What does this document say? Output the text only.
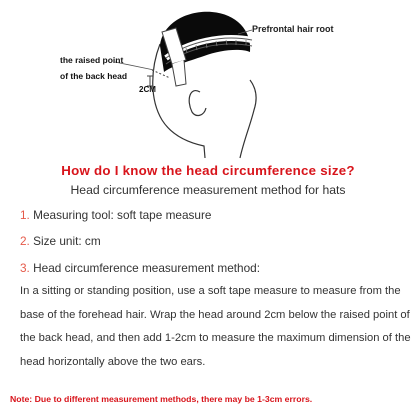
Prefrontal hair root
the raised point
of the back head
2CM
How do I know the head circumference size?
Head circumference measurement method for hats
1. Measuring tool: soft tape measure
2. Size unit: cm
3. Head circumference measurement method:
In a sitting or standing position, use a soft tape measure to measure from the base of the forehead hair. Wrap the head around 2cm below the raised point of the back head, and then add 1-2cm to measure the maximum dimension of the head horizontally above the two ears.
Note: Due to different measurement methods, there may be 1-3cm errors.
